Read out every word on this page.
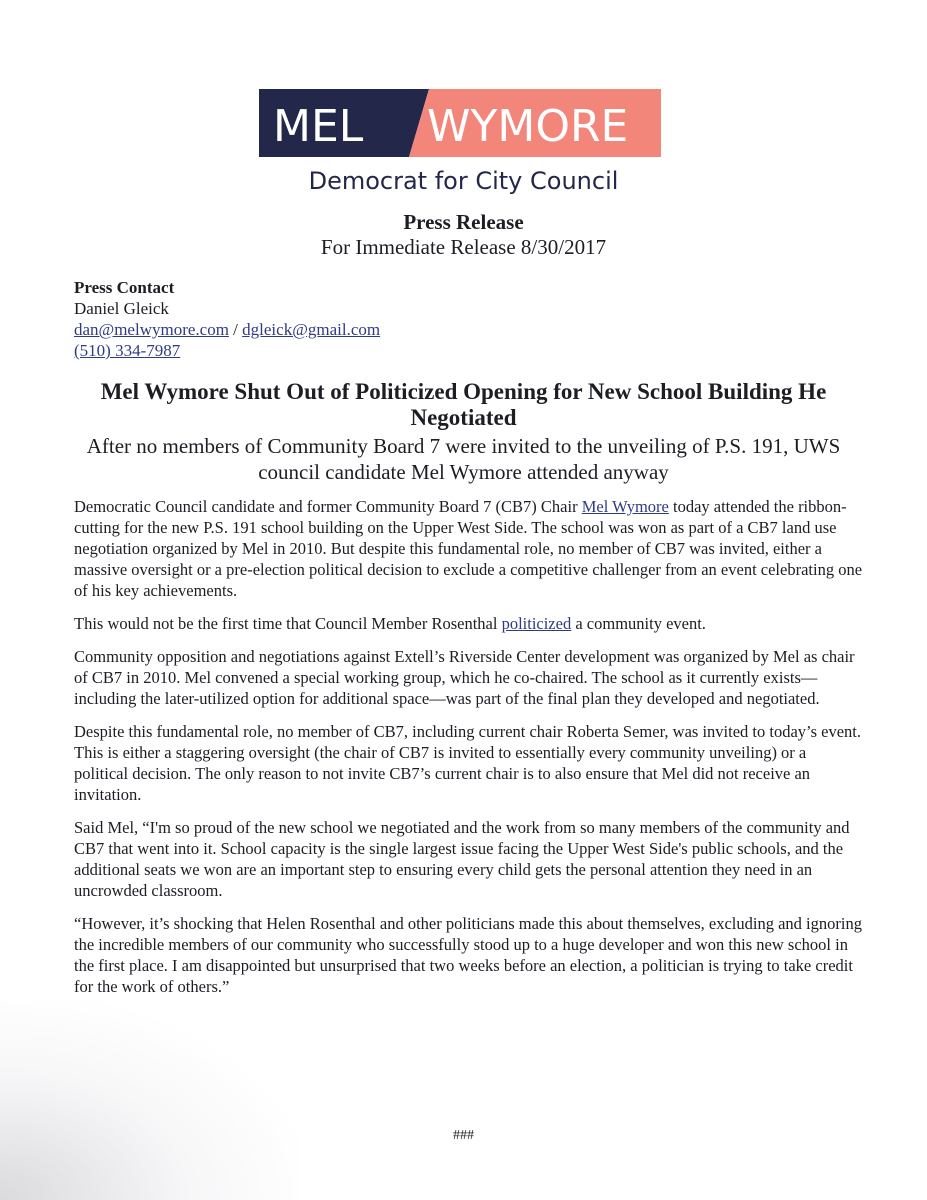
MEL WYMORE
Democrat for City Council
Press Release
For Immediate Release 8/30/2017
Press Contact
Daniel Gleick
dan@melwymore.com / dgleick@gmail.com
(510) 334-7987
Mel Wymore Shut Out of Politicized Opening for New School Building He Negotiated
After no members of Community Board 7 were invited to the unveiling of P.S. 191, UWS council candidate Mel Wymore attended anyway

Democratic Council candidate and former Community Board 7 (CB7) Chair Mel Wymore today attended the ribbon-cutting for the new P.S. 191 school building on the Upper West Side. The school was won as part of a CB7 land use negotiation organized by Mel in 2010. But despite this fundamental role, no member of CB7 was invited, either a massive oversight or a pre-election political decision to exclude a competitive challenger from an event celebrating one of his key achievements.

This would not be the first time that Council Member Rosenthal politicized a community event.

Community opposition and negotiations against Extell’s Riverside Center development was organized by Mel as chair of CB7 in 2010. Mel convened a special working group, which he co-chaired. The school as it currently exists—including the later-utilized option for additional space—was part of the final plan they developed and negotiated.

Despite this fundamental role, no member of CB7, including current chair Roberta Semer, was invited to today’s event. This is either a staggering oversight (the chair of CB7 is invited to essentially every community unveiling) or a political decision. The only reason to not invite CB7’s current chair is to also ensure that Mel did not receive an invitation.

Said Mel, “I'm so proud of the new school we negotiated and the work from so many members of the community and CB7 that went into it. School capacity is the single largest issue facing the Upper West Side's public schools, and the additional seats we won are an important step to ensuring every child gets the personal attention they need in an uncrowded classroom.

“However, it’s shocking that Helen Rosenthal and other politicians made this about themselves, excluding and ignoring the incredible members of our community who successfully stood up to a huge developer and won this new school in the first place. I am disappointed but unsurprised that two weeks before an election, a politician is trying to take credit for the work of others.”

###
